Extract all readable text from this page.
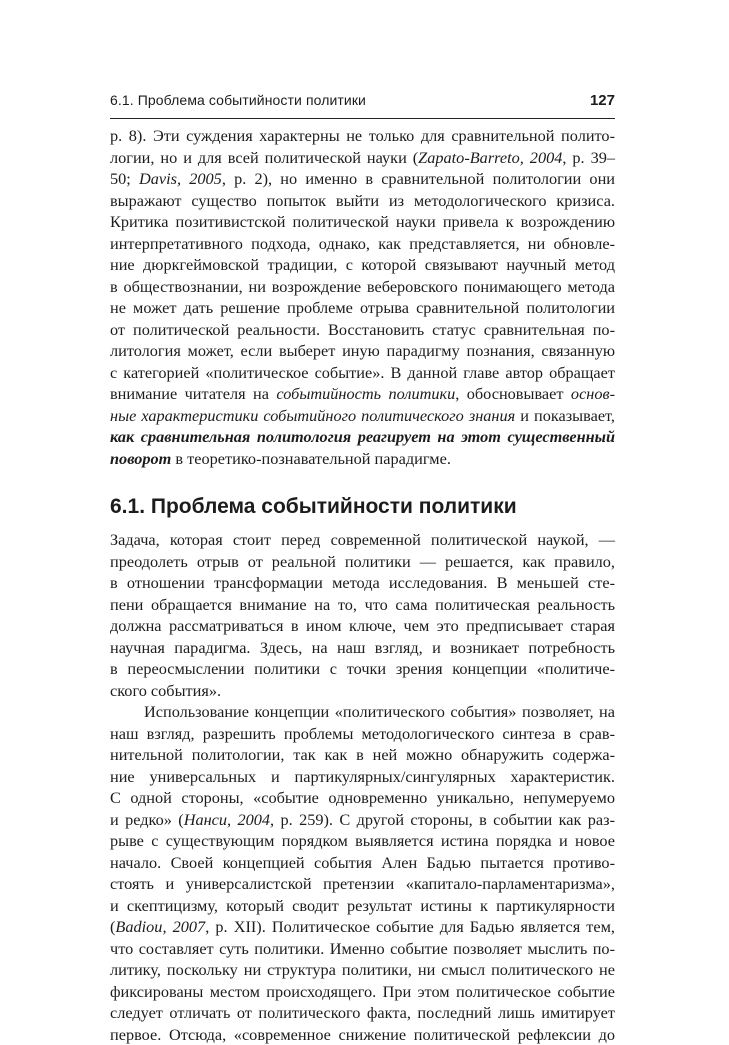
6.1. Проблема событийности политики	127
р. 8). Эти суждения характерны не только для сравнительной полито-
логии, но и для всей политической науки (Zapato-Barreto, 2004, p. 39–
50; Davis, 2005, p. 2), но именно в сравнительной политологии они
выражают существо попыток выйти из методологического кризиса.
Критика позитивистской политической науки привела к возрождению
интерпретативного подхода, однако, как представляется, ни обновле-
ние дюркгеймовской традиции, с которой связывают научный метод
в обществознании, ни возрождение веберовского понимающего метода
не может дать решение проблеме отрыва сравнительной политологии
от политической реальности. Восстановить статус сравнительная по-
литология может, если выберет иную парадигму познания, связанную
с категорией «политическое событие». В данной главе автор обращает
внимание читателя на событийность политики, обосновывает основ-
ные характеристики событийного политического знания и показывает,
как сравнительная политология реагирует на этот существенный
поворот в теоретико-познавательной парадигме.
6.1. Проблема событийности политики
Задача, которая стоит перед современной политической наукой, —
преодолеть отрыв от реальной политики — решается, как правило,
в отношении трансформации метода исследования. В меньшей сте-
пени обращается внимание на то, что сама политическая реальность
должна рассматриваться в ином ключе, чем это предписывает старая
научная парадигма. Здесь, на наш взгляд, и возникает потребность
в переосмыслении политики с точки зрения концепции «политиче-
ского события».
Использование концепции «политического события» позволяет, на
наш взгляд, разрешить проблемы методологического синтеза в срав-
нительной политологии, так как в ней можно обнаружить содержа-
ние универсальных и партикулярных/сингулярных характеристик.
С одной стороны, «событие одновременно уникально, непумеруемо
и редко» (Нанси, 2004, р. 259). С другой стороны, в событии как раз-
рыве с существующим порядком выявляется истина порядка и новое
начало. Своей концепцией события Ален Бадью пытается противо-
стоять и универсалистской претензии «капитало-парламентаризма»,
и скептицизму, который сводит результат истины к партикулярности
(Badiou, 2007, p. XII). Политическое событие для Бадью является тем,
что составляет суть политики. Именно событие позволяет мыслить по-
литику, поскольку ни структура политики, ни смысл политического не
фиксированы местом происходящего. При этом политическое событие
следует отличать от политического факта, последний лишь имитирует
первое. Отсюда, «современное снижение политической рефлексии до
